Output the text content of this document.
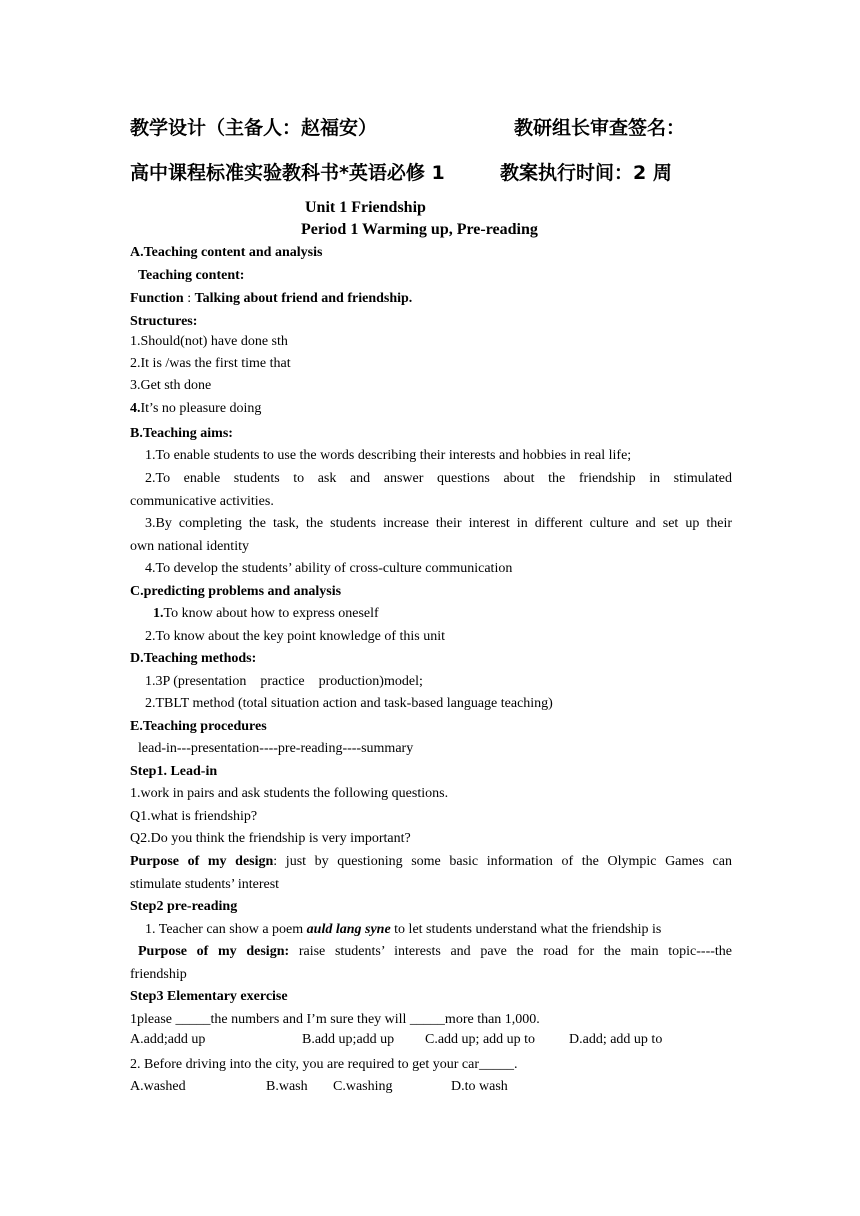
教学设计（主备人：赵福安）	教研组长审查签名：
高中课程标准实验教科书*英语必修 1	教案执行时间：2 周
Unit 1 Friendship
Period 1 Warming up, Pre-reading
A.Teaching content and analysis
Teaching content:
Function : Talking about friend and friendship.
Structures:
1.Should(not) have done sth
2.It is /was the first time that
3.Get sth done
4.It’s no pleasure doing
B.Teaching aims:
1.To enable students to use the words describing their interests and hobbies in real life;
2.To enable students to ask and answer questions about the friendship in stimulated
communicative activities.
3.By completing the task, the students increase their interest in different culture and set up their
own national identity
4.To develop the students’ ability of cross-culture communication
C.predicting problems and analysis
1.To know about how to express oneself
2.To know about the key point knowledge of this unit
D.Teaching methods:
1.3P (presentation    practice    production)model;
2.TBLT method (total situation action and task-based language teaching)
E.Teaching procedures
lead-in---presentation----pre-reading----summary
Step1. Lead-in
1.work in pairs and ask students the following questions.
Q1.what is friendship?
Q2.Do you think the friendship is very important?
Purpose of my design: just by questioning some basic information of the Olympic Games can
stimulate students’ interest
Step2 pre-reading
1. Teacher can show a poem auld lang syne to let students understand what the friendship is
Purpose of my design: raise students’ interests and pave the road for the main topic----the
friendship
Step3 Elementary exercise
1please _____the numbers and I’m sure they will _____more than 1,000.
A.add;add up	B.add up;add up C.add up; add up to D.add; add up to
2. Before driving into the city, you are required to get your car_____.
A.washed	B.wash C.washing	D.to wash
